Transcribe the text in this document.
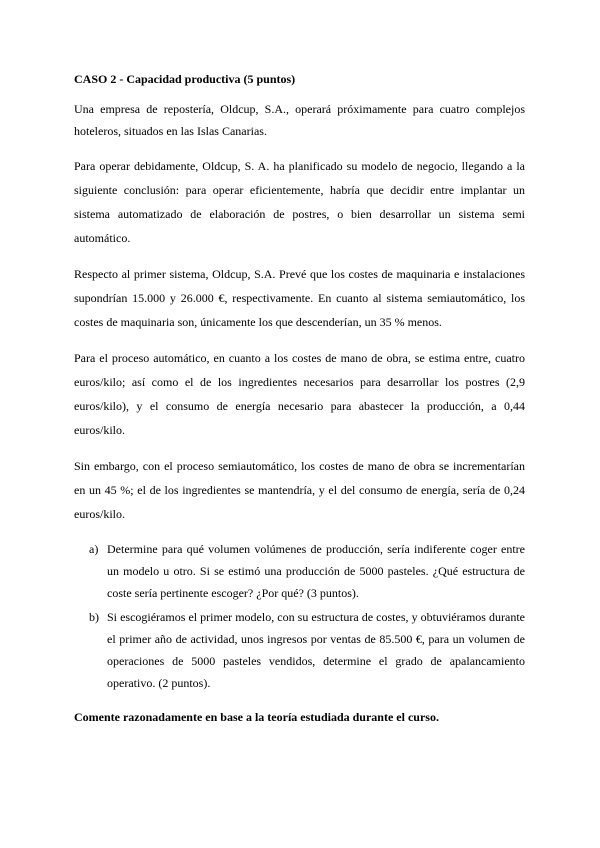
CASO 2 - Capacidad productiva (5 puntos)

Una empresa de repostería, Oldcup, S.A., operará próximamente para cuatro complejos hoteleros, situados en las Islas Canarias.

Para operar debidamente, Oldcup, S. A. ha planificado su modelo de negocio, llegando a la siguiente conclusión: para operar eficientemente, habría que decidir entre implantar un sistema automatizado de elaboración de postres, o bien desarrollar un sistema semi automático.

Respecto al primer sistema, Oldcup, S.A. Prevé que los costes de maquinaria e instalaciones supondrían 15.000 y 26.000 €, respectivamente. En cuanto al sistema semiautomático, los costes de maquinaria son, únicamente los que descenderían, un 35 % menos.

Para el proceso automático, en cuanto a los costes de mano de obra, se estima entre, cuatro euros/kilo; así como el de los ingredientes necesarios para desarrollar los postres (2,9 euros/kilo), y el consumo de energía necesario para abastecer la producción, a 0,44 euros/kilo.

Sin embargo, con el proceso semiautomático, los costes de mano de obra se incrementarían en un 45 %; el de los ingredientes se mantendría, y el del consumo de energía, sería de 0,24 euros/kilo.

a) Determine para qué volumen volúmenes de producción, sería indiferente coger entre un modelo u otro. Si se estimó una producción de 5000 pasteles. ¿Qué estructura de coste sería pertinente escoger? ¿Por qué? (3 puntos).
b) Si escogiéramos el primer modelo, con su estructura de costes, y obtuviéramos durante el primer año de actividad, unos ingresos por ventas de 85.500 €, para un volumen de operaciones de 5000 pasteles vendidos, determine el grado de apalancamiento operativo. (2 puntos).
Comente razonadamente en base a la teoría estudiada durante el curso.
